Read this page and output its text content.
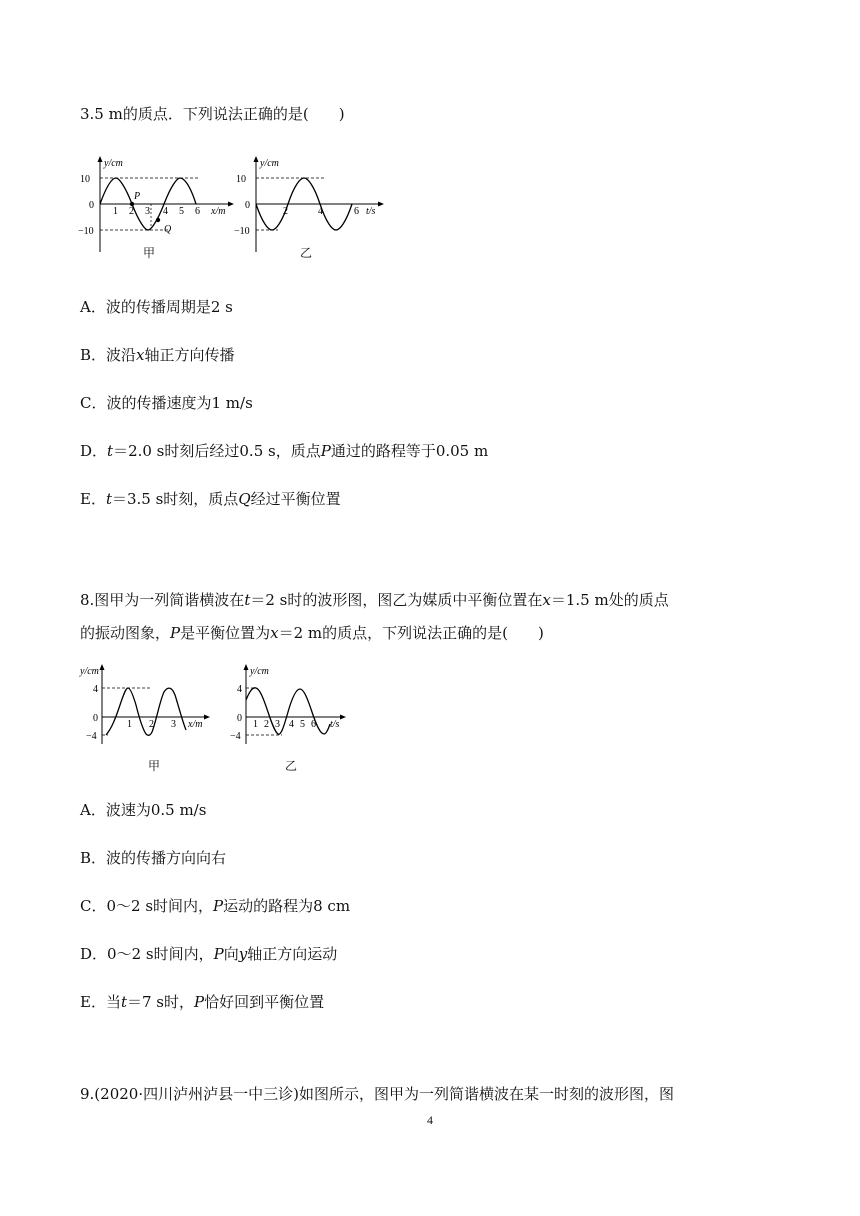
3.5 m的质点．下列说法正确的是(　　)
y/cm
10
0
−10
1 2 3 4 5 6 x/m
P
Q
甲
y/cm
10
0
−10
2	4	6 t/s
乙
A．波的传播周期是2 s
B．波沿x轴正方向传播
C．波的传播速度为1 m/s
D．t＝2.0 s时刻后经过0.5 s，质点P通过的路程等于0.05 m
E．t＝3.5 s时刻，质点Q经过平衡位置
8.图甲为一列简谐横波在t＝2 s时的波形图，图乙为媒质中平衡位置在x＝1.5 m处的质点
的振动图象，P是平衡位置为x＝2 m的质点，下列说法正确的是(　　)
y/cm
4
0
−4
1 2 3 x/m
甲
y/cm
4
0
−4
1 2 3 4 5 6 t/s
乙
A．波速为0.5 m/s
B．波的传播方向向右
C．0～2 s时间内，P运动的路程为8 cm
D．0～2 s时间内，P向y轴正方向运动
E．当t＝7 s时，P恰好回到平衡位置
9.(2020·四川泸州泸县一中三诊)如图所示，图甲为一列简谐横波在某一时刻的波形图，图
4
